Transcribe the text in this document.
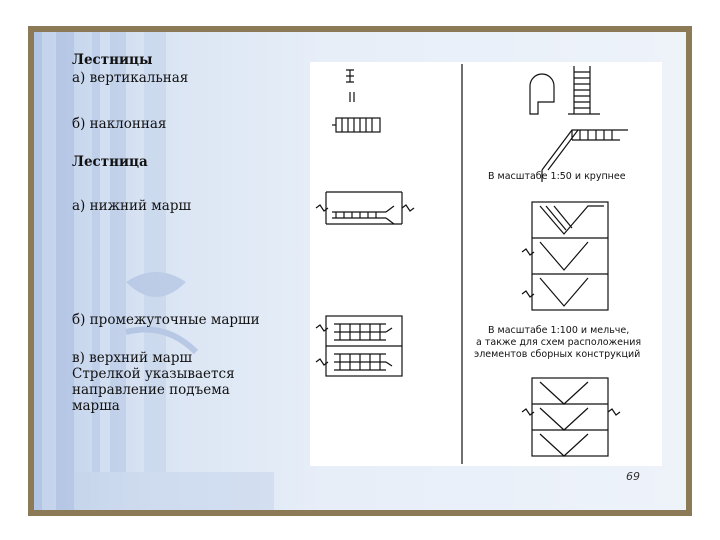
Лестницы
а) вертикальная
б) наклонная
Лестница
а) нижний марш
б) промежуточные марши
в) верхний марш
Стрелкой указывается
направление подъема
марша
В масштабе 1:50 и крупнее
В масштабе 1:100 и мельче,
а также для схем расположения
элементов сборных конструкций
69
